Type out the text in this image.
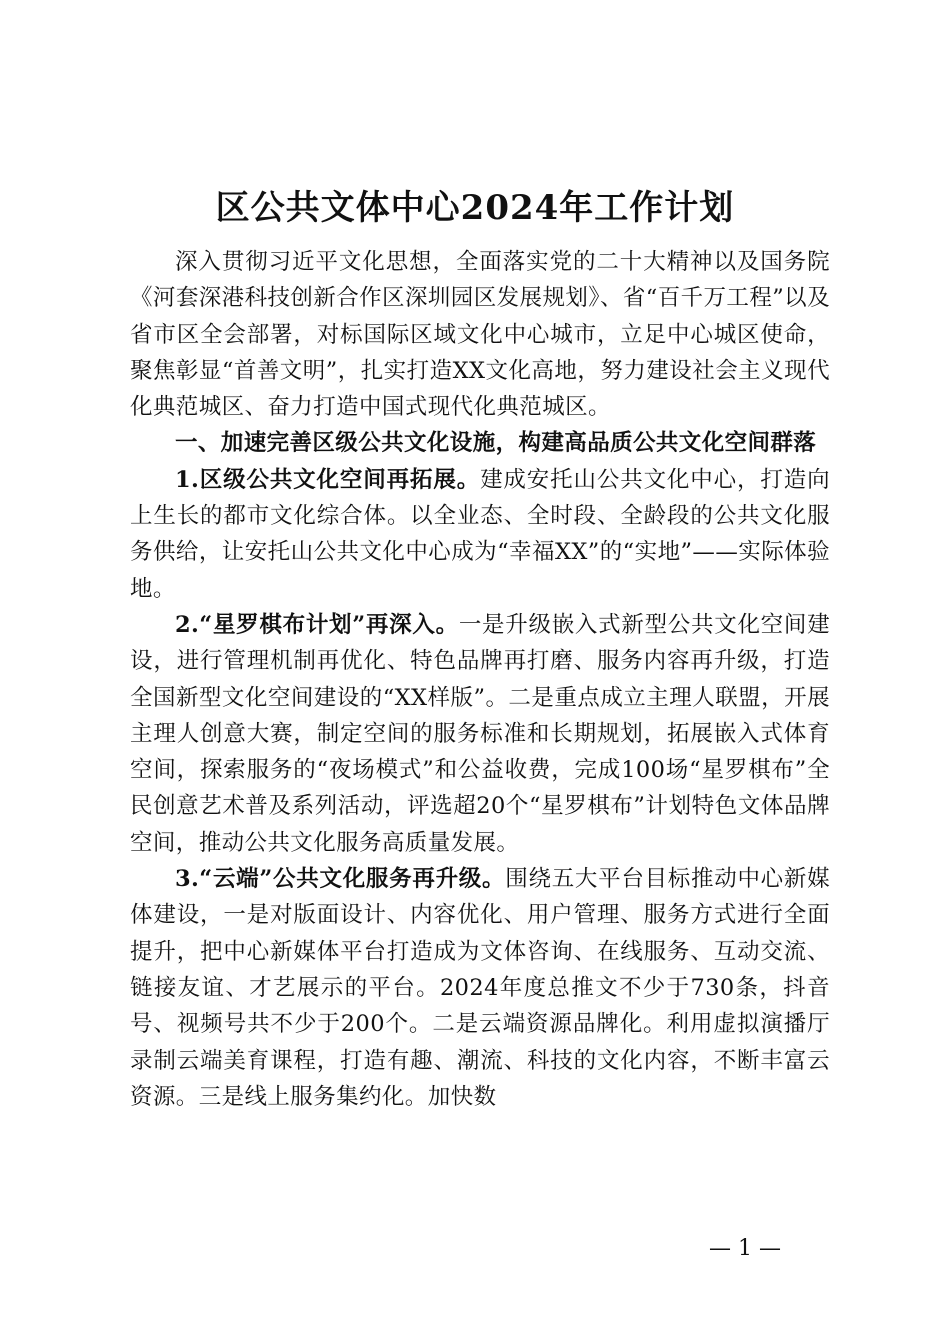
区公共文体中心2024年工作计划

深入贯彻习近平文化思想，全面落实党的二十大精神以及国务院《河套深港科技创新合作区深圳园区发展规划》、省“百千万工程”以及省市区全会部署，对标国际区域文化中心城市，立足中心城区使命，聚焦彰显“首善文明”，扎实打造XX文化高地，努力建设社会主义现代化典范城区、奋力打造中国式现代化典范城区。

一、加速完善区级公共文化设施，构建高品质公共文化空间群落

1.区级公共文化空间再拓展。建成安托山公共文化中心，打造向上生长的都市文化综合体。以全业态、全时段、全龄段的公共文化服务供给，让安托山公共文化中心成为“幸福XX”的“实地”——实际体验地。

2.“星罗棋布计划”再深入。一是升级嵌入式新型公共文化空间建设，进行管理机制再优化、特色品牌再打磨、服务内容再升级，打造全国新型文化空间建设的“XX样版”。二是重点成立主理人联盟，开展主理人创意大赛，制定空间的服务标准和长期规划，拓展嵌入式体育空间，探索服务的“夜场模式”和公益收费，完成100场“星罗棋布”全民创意艺术普及系列活动，评选超20个“星罗棋布”计划特色文体品牌空间，推动公共文化服务高质量发展。

3.“云端”公共文化服务再升级。围绕五大平台目标推动中心新媒体建设，一是对版面设计、内容优化、用户管理、服务方式进行全面提升，把中心新媒体平台打造成为文体咨询、在线服务、互动交流、链接友谊、才艺展示的平台。2024年度总推文不少于730条，抖音号、视频号共不少于200个。二是云端资源品牌化。利用虚拟演播厅录制云端美育课程，打造有趣、潮流、科技的文化内容，不断丰富云资源。三是线上服务集约化。加快数

— 1 —
